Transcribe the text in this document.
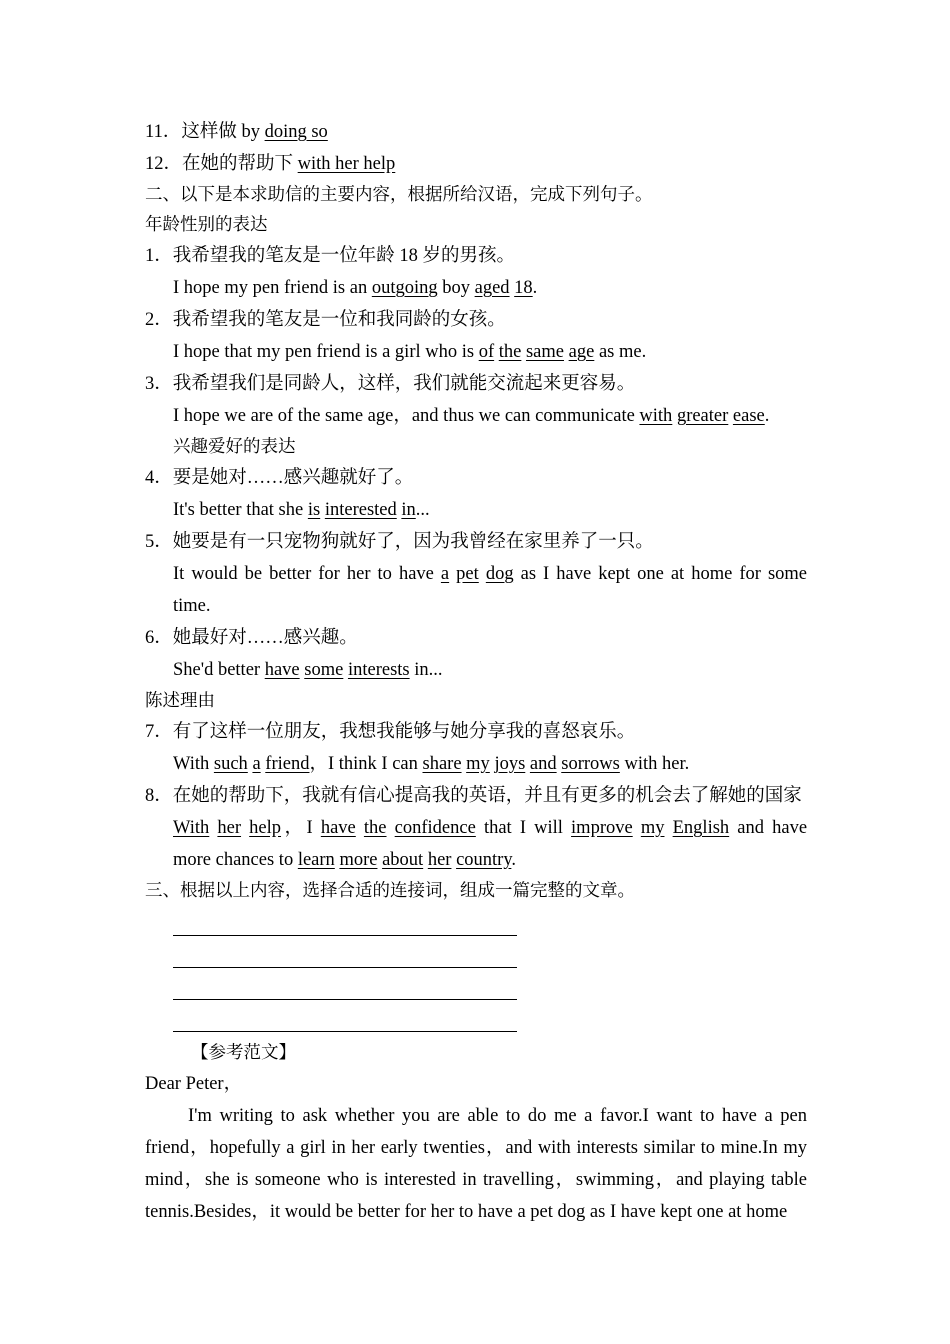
11．这样做 by doing so
12．在她的帮助下 with her help
二、以下是本求助信的主要内容，根据所给汉语，完成下列句子。
年龄性别的表达
1．我希望我的笔友是一位年龄 18 岁的男孩。
I hope my pen friend is an outgoing boy aged 18.
2．我希望我的笔友是一位和我同龄的女孩。
I hope that my pen friend is a girl who is of the same age as me.
3．我希望我们是同龄人，这样，我们就能交流起来更容易。
I hope we are of the same age，and thus we can communicate with greater ease.
兴趣爱好的表达
4．要是她对……感兴趣就好了。
It's better that she is interested in...
5．她要是有一只宠物狗就好了，因为我曾经在家里养了一只。
It would be better for her to have a pet dog as I have kept one at home for some
time.
6．她最好对……感兴趣。
She'd better have some interests in...
陈述理由
7．有了这样一位朋友，我想我能够与她分享我的喜怒哀乐。
With such a friend，I think I can share my joys and sorrows with her.
8．在她的帮助下，我就有信心提高我的英语，并且有更多的机会去了解她的国家
With her help，I have the confidence that I will improve my English and have
more chances to learn more about her country.
三、根据以上内容，选择合适的连接词，组成一篇完整的文章。
【参考范文】

Dear Peter，

I'm writing to ask whether you are able to do me a favor.I want to have a pen friend，hopefully a girl in her early twenties，and with interests similar to mine.In my mind，she is someone who is interested in travelling，swimming，and playing table tennis.Besides，it would be better for her to have a pet dog as I have kept one at home
